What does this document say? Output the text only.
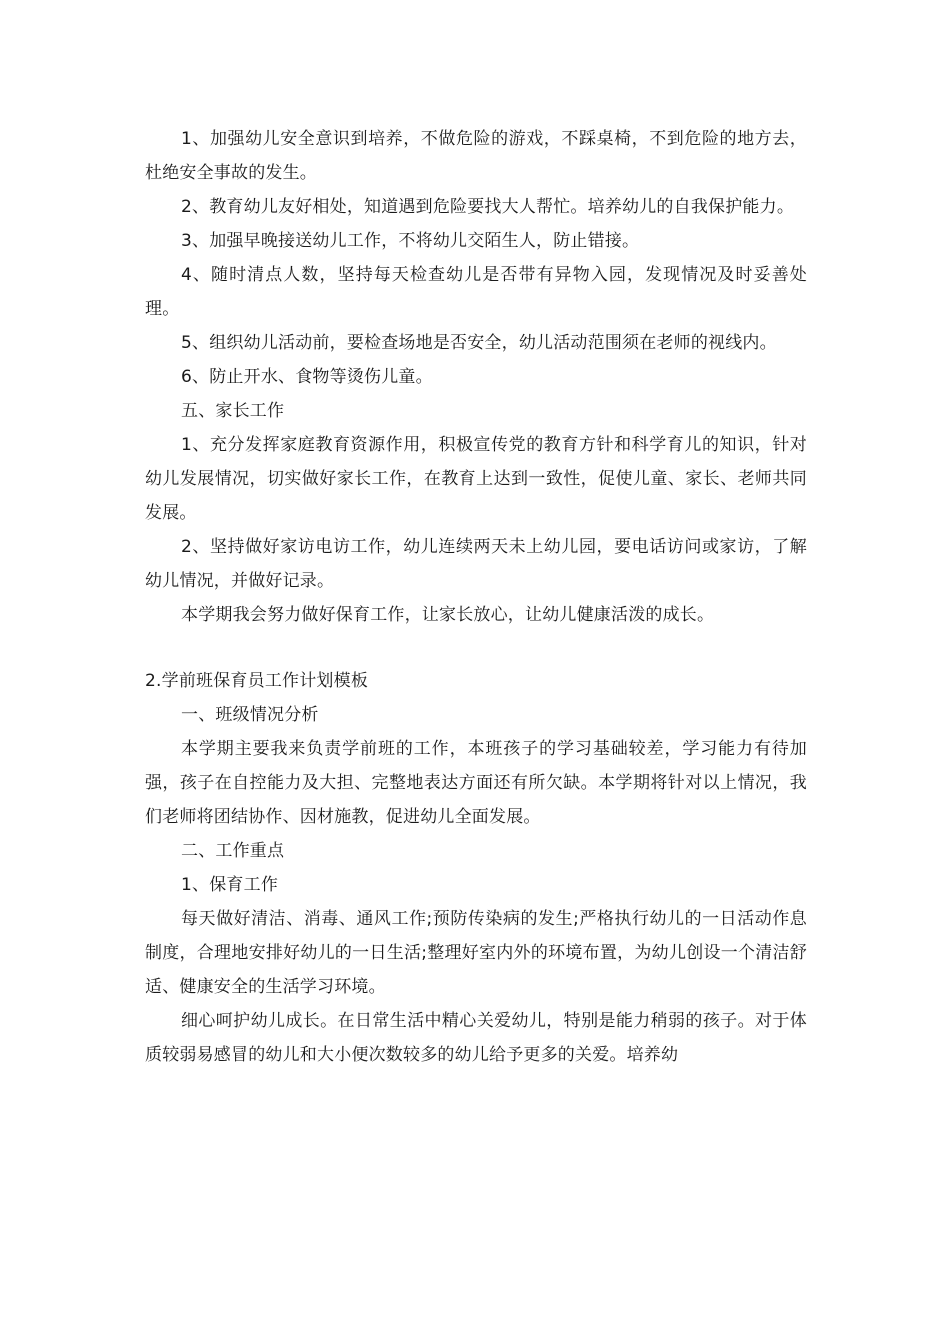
1、加强幼儿安全意识到培养，不做危险的游戏，不踩桌椅，不到危险的地方去，杜绝安全事故的发生。

2、教育幼儿友好相处，知道遇到危险要找大人帮忙。培养幼儿的自我保护能力。

3、加强早晚接送幼儿工作，不将幼儿交陌生人，防止错接。

4、随时清点人数，坚持每天检查幼儿是否带有异物入园，发现情况及时妥善处理。

5、组织幼儿活动前，要检查场地是否安全，幼儿活动范围须在老师的视线内。

6、防止开水、食物等烫伤儿童。

五、家长工作

1、充分发挥家庭教育资源作用，积极宣传党的教育方针和科学育儿的知识，针对幼儿发展情况，切实做好家长工作，在教育上达到一致性，促使儿童、家长、老师共同发展。

2、坚持做好家访电访工作，幼儿连续两天未上幼儿园，要电话访问或家访，了解幼儿情况，并做好记录。

本学期我会努力做好保育工作，让家长放心，让幼儿健康活泼的成长。

2.学前班保育员工作计划模板

一、班级情况分析

本学期主要我来负责学前班的工作，本班孩子的学习基础较差，学习能力有待加强，孩子在自控能力及大担、完整地表达方面还有所欠缺。本学期将针对以上情况，我们老师将团结协作、因材施教，促进幼儿全面发展。

二、工作重点

1、保育工作

每天做好清洁、消毒、通风工作;预防传染病的发生;严格执行幼儿的一日活动作息制度，合理地安排好幼儿的一日生活;整理好室内外的环境布置，为幼儿创设一个清洁舒适、健康安全的生活学习环境。

细心呵护幼儿成长。在日常生活中精心关爱幼儿，特别是能力稍弱的孩子。对于体质较弱易感冒的幼儿和大小便次数较多的幼儿给予更多的关爱。培养幼
